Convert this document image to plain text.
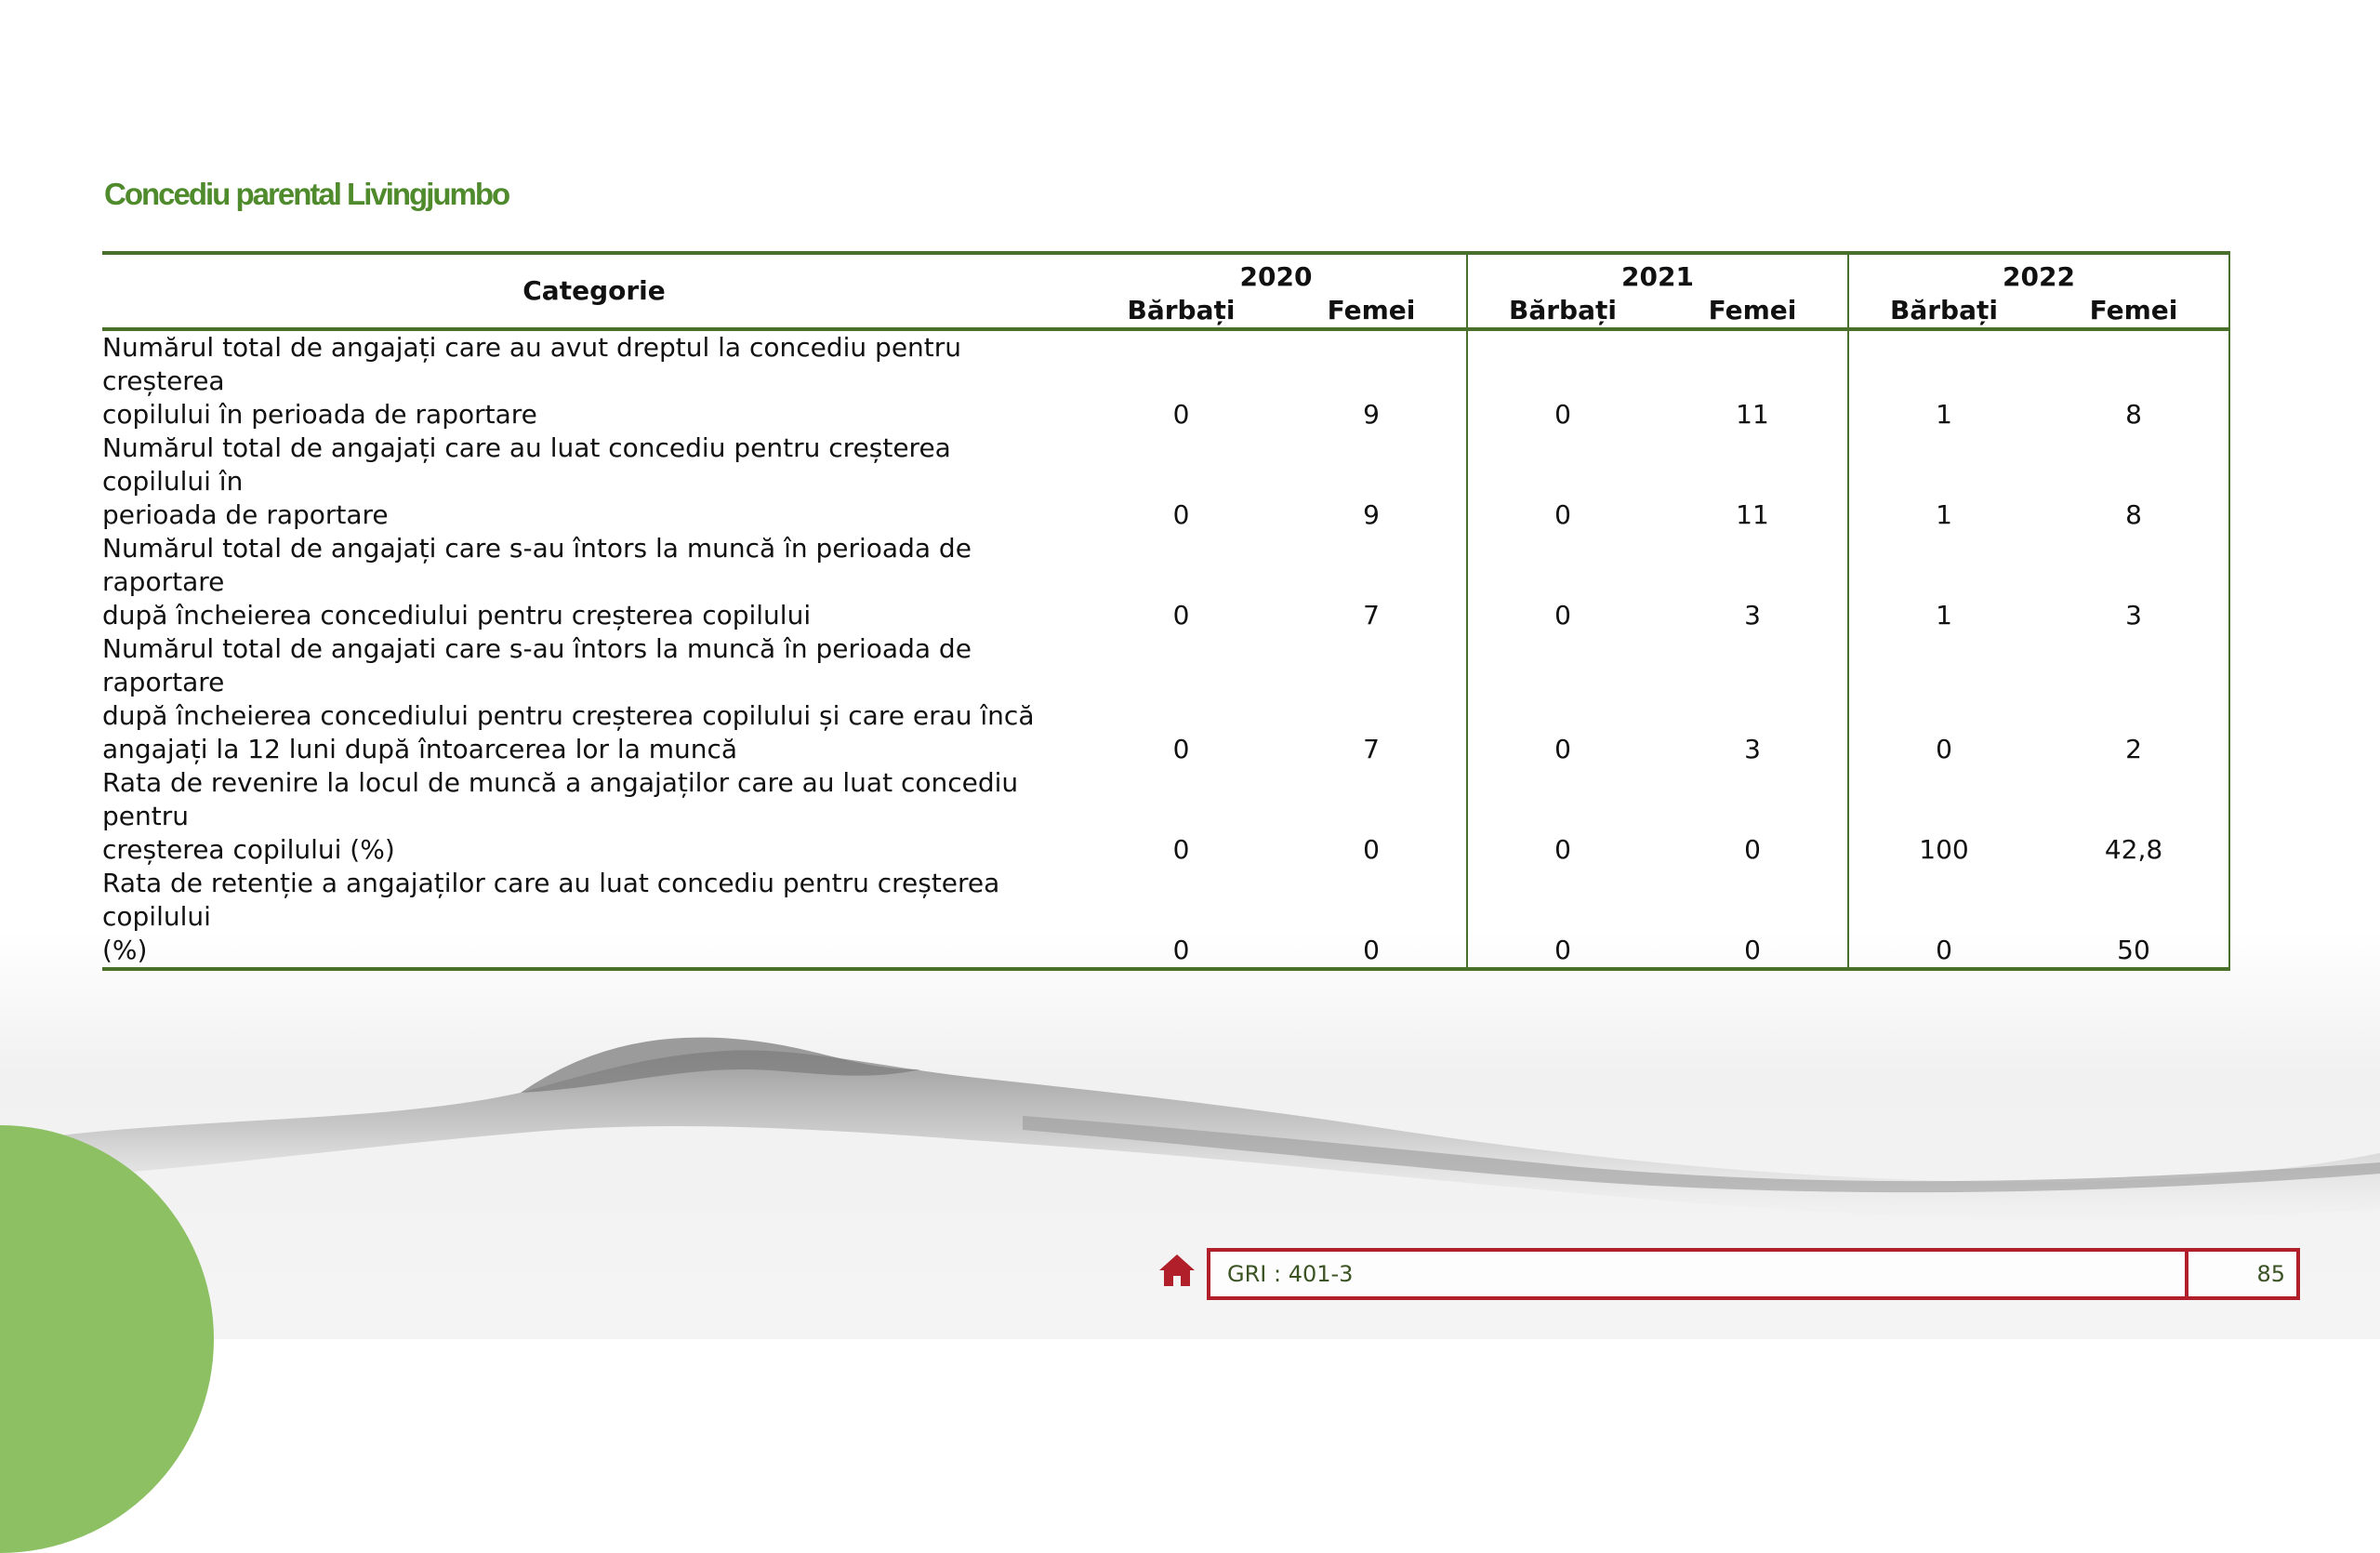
Concediu parental Livingjumbo
Categorie	2020		2021		2022	
	Bărbați	Femei	Bărbați	Femei	Bărbați	Femei

Numărul total de angajați care au avut dreptul la concediu pentru creșterea
copilului în perioada de raportare	0	9	0	11	1	8

Numărul total de angajați care au luat concediu pentru creșterea copilului în
perioada de raportare	0	9	0	11	1	8

Numărul total de angajați care s-au întors la muncă în perioada de raportare
după încheierea concediului pentru creșterea copilului	0	7	0	3	1	3

Numărul total de angajati care s-au întors la muncă în perioada de raportare
după încheierea concediului pentru creșterea copilului și care erau încă
angajați la 12 luni după întoarcerea lor la muncă	0	7	0	3	0	2

Rata de revenire la locul de muncă a angajaților care au luat concediu pentru
creșterea copilului (%)	0	0	0	0	100	42,8

Rata de retenție a angajaților care au luat concediu pentru creșterea copilului
(%)	0	0	0	0	0	50
GRI : 401-3	85
